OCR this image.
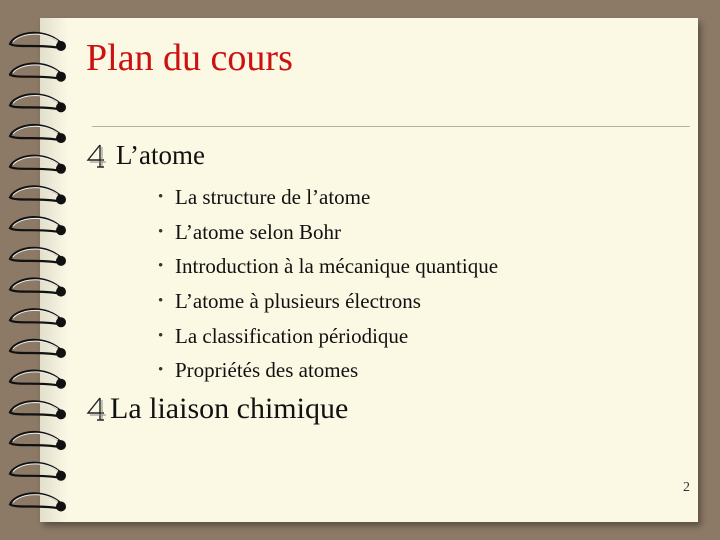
Plan du cours
L’atome
• La structure de l’atome
• L’atome selon Bohr
• Introduction à la mécanique quantique
• L’atome à plusieurs électrons
• La classification périodique
• Propriétés des atomes
La liaison chimique
2
